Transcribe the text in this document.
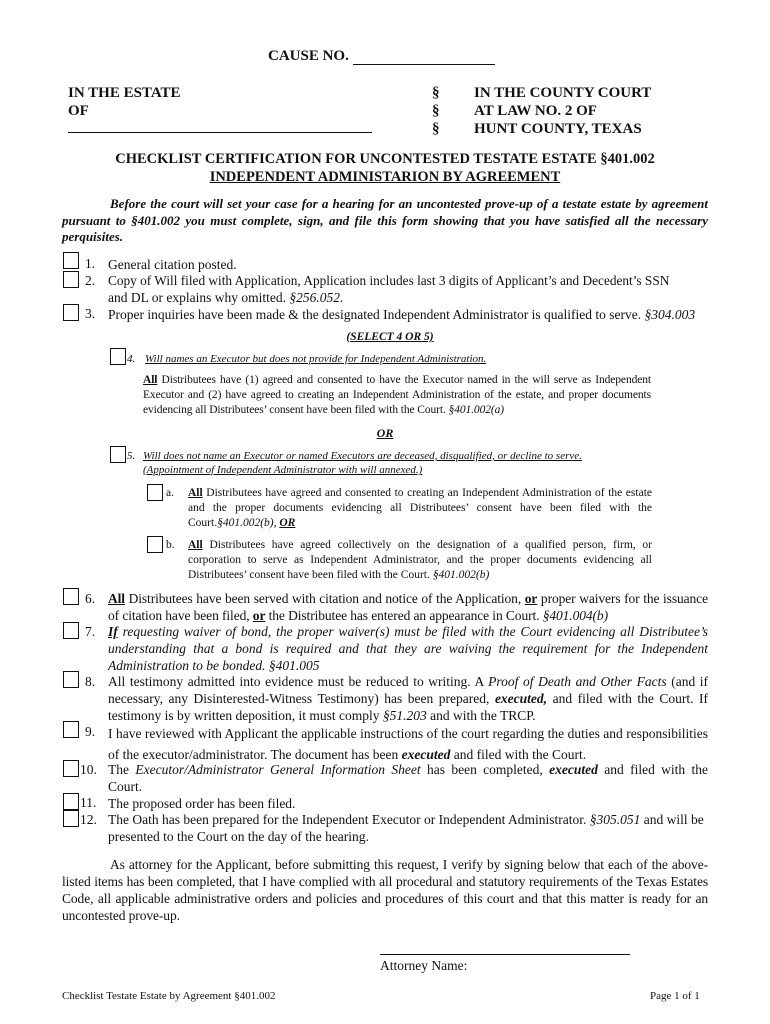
CAUSE NO.
IN THE ESTATE
OF
§
§
§
IN THE COUNTY COURT
AT LAW NO. 2 OF
HUNT COUNTY, TEXAS
CHECKLIST CERTIFICATION FOR UNCONTESTED TESTATE ESTATE §401.002
INDEPENDENT ADMINISTARION BY AGREEMENT
Before the court will set your case for a hearing for an uncontested prove-up of a testate estate by agreement pursuant to §401.002 you must complete, sign, and file this form showing that you have satisfied all the necessary perquisites.
1. General citation posted.
2. Copy of Will filed with Application, Application includes last 3 digits of Applicant’s and Decedent’s SSN
and DL or explains why omitted. §256.052.
3. Proper inquiries have been made & the designated Independent Administrator is qualified to serve. §304.003
(SELECT 4 OR 5)
4. Will names an Executor but does not provide for Independent Administration.
All Distributees have (1) agreed and consented to have the Executor named in the will serve as Independent Executor and (2) have agreed to creating an Independent Administration of the estate, and proper documents evidencing all Distributees’ consent have been filed with the Court. §401.002(a)
OR
5. Will does not name an Executor or named Executors are deceased, disqualified, or decline to serve.
(Appointment of Independent Administrator with will annexed.)
a. All Distributees have agreed and consented to creating an Independent Administration of the estate and the proper documents evidencing all Distributees’ consent have been filed with the Court.§401.002(b), OR
b. All Distributees have agreed collectively on the designation of a qualified person, firm, or corporation to serve as Independent Administrator, and the proper documents evidencing all Distributees’ consent have been filed with the Court. §401.002(b)
6. All Distributees have been served with citation and notice of the Application, or proper waivers for the issuance of citation have been filed, or the Distributee has entered an appearance in Court. §401.004(b)
7. If requesting waiver of bond, the proper waiver(s) must be filed with the Court evidencing all Distributee’s understanding that a bond is required and that they are waiving the requirement for the Independent Administration to be bonded. §401.005
8. All testimony admitted into evidence must be reduced to writing. A Proof of Death and Other Facts (and if necessary, any Disinterested-Witness Testimony) has been prepared, executed, and filed with the Court. If testimony is by written deposition, it must comply §51.203 and with the TRCP.
9. I have reviewed with Applicant the applicable instructions of the court regarding the duties and responsibilities of the executor/administrator. The document has been executed and filed with the Court.
10. The Executor/Administrator General Information Sheet has been completed, executed and filed with the Court.
11. The proposed order has been filed.
12. The Oath has been prepared for the Independent Executor or Independent Administrator. §305.051 and will be presented to the Court on the day of the hearing.
As attorney for the Applicant, before submitting this request, I verify by signing below that each of the above-listed items has been completed, that I have complied with all procedural and statutory requirements of the Texas Estates Code, all applicable administrative orders and policies and procedures of this court and that this matter is ready for an uncontested prove-up.
Attorney Name:
Checklist Testate Estate by Agreement §401.002	Page 1 of 1
